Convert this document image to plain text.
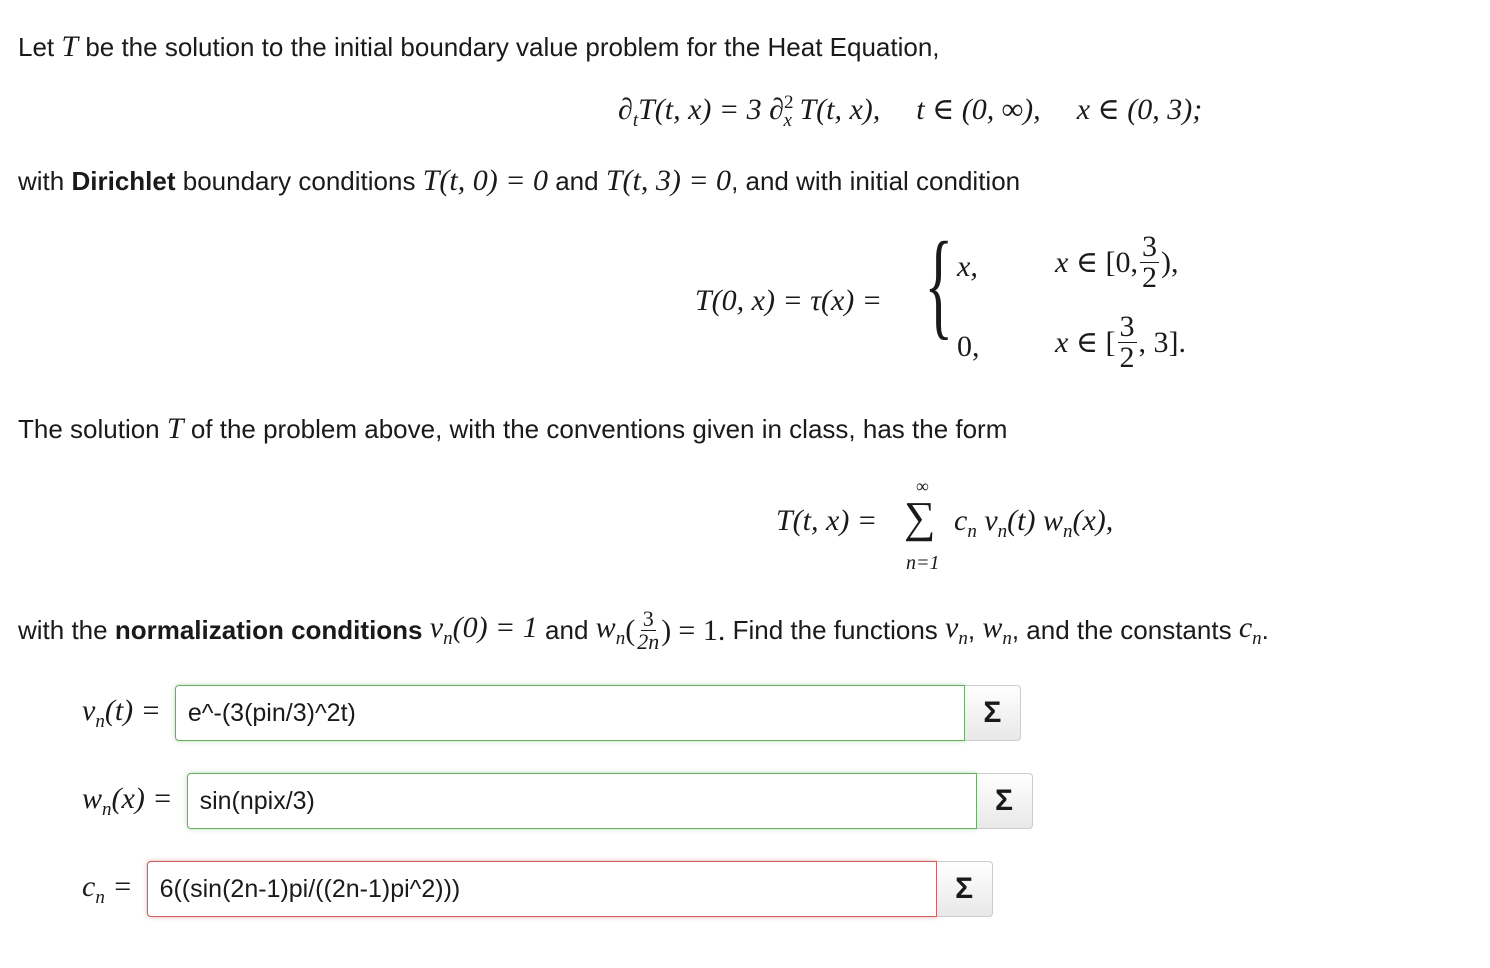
Let T be the solution to the initial boundary value problem for the Heat Equation,
$\partial_tT(t$, x) = 3 ∂$^2_x$ T(t, x), t ∈ (0, ∞), x ∈ (0, 3);
with Dirichlet boundary conditions T(t, 0) = 0 and T(t, 3) = 0, and with initial condition
T(0, x) = τ(x) = { x,	x ∈
[0, $\frac{3}{2}$ ),
0,	x ∈
[ $\frac{3}{2}$ , 3].
The solution T of the problem above, with the conventions given in class, has the form
T(t, x) =
∞
∑
n=1
$c_n$ $v_n(t)$ $w_n(x)$,
with the
normalization conditions
$v_n(0) = 1$
and
$w_n$ ( $\frac{3}{2n}$ )
= 1.
Find the functions
$v_n$ ,
$w_n$ , and the constants
$c_n$ .
$v_n(t)$ =	e^-(3(pin/3)^2t)	Σ
$w_n(x)$ =	sin(npix/3)	Σ
$c_n$ =	6((sin(2n-1)pi/((2n-1)pi^2)))	Σ
